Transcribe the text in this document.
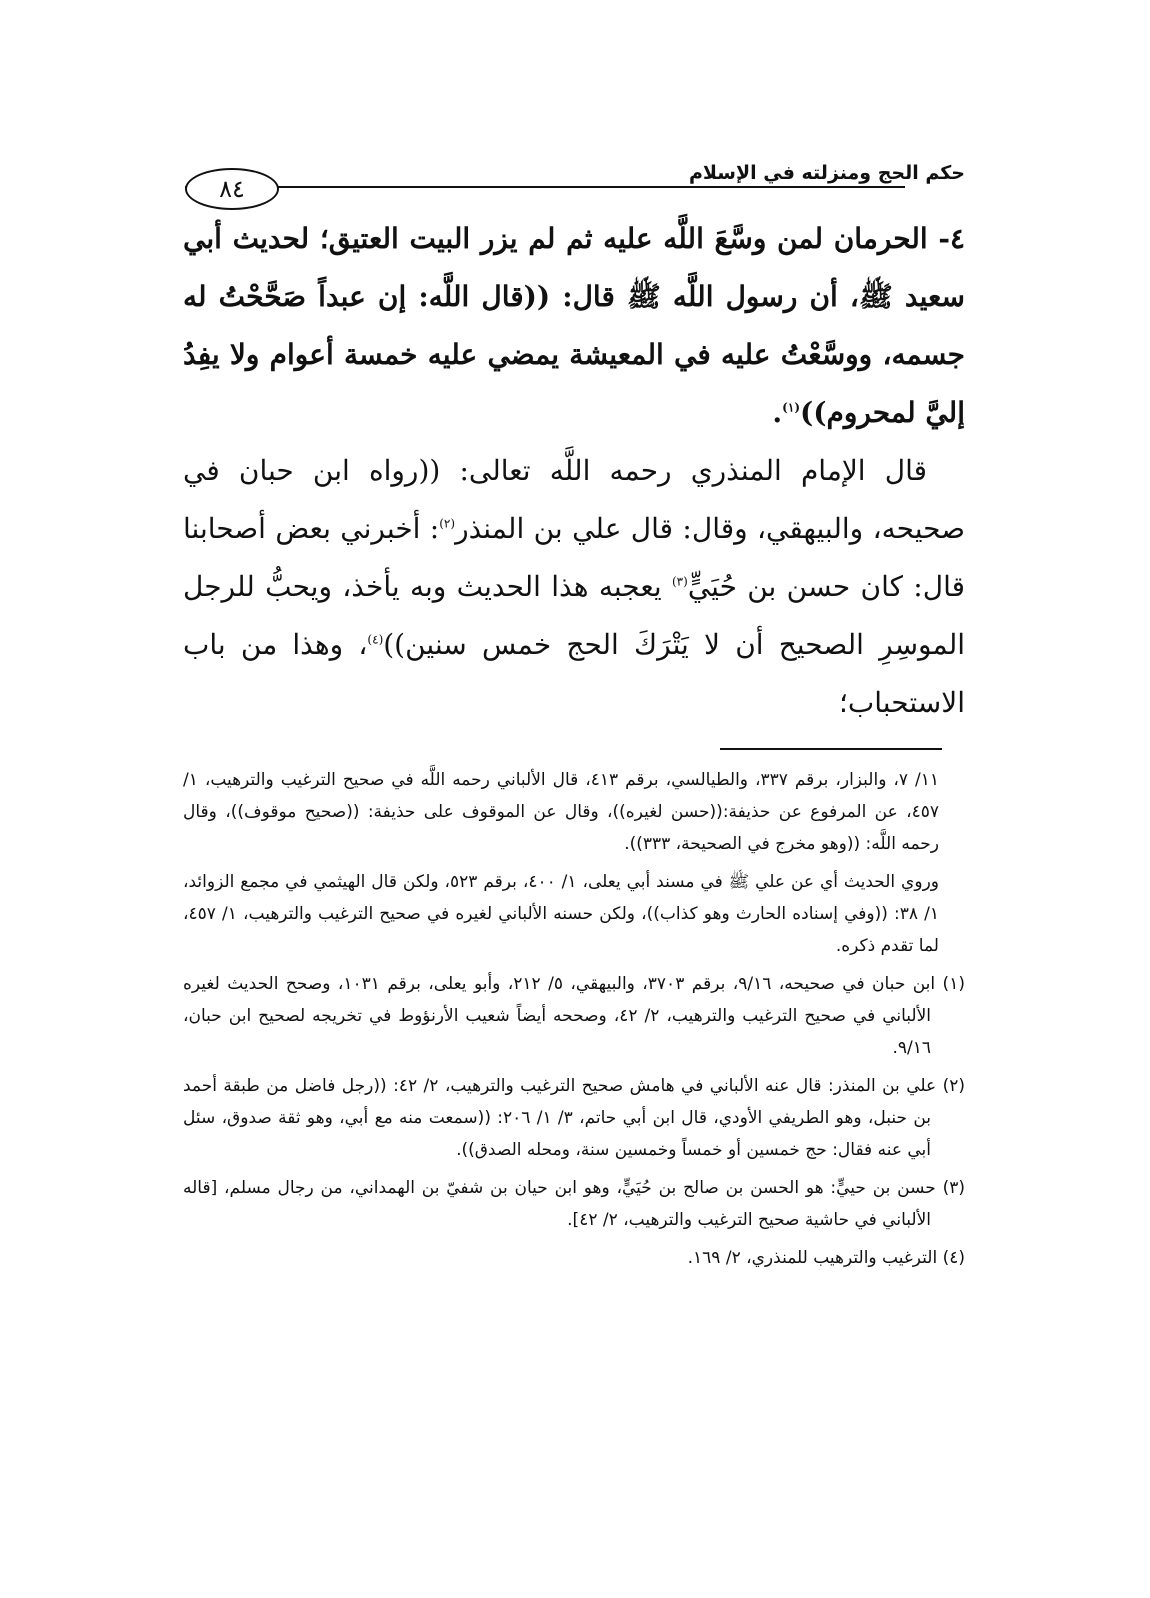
حكم الحج ومنزلته في الإسلام
٨٤

٤- الحرمان لمن وسَّعَ اللَّه عليه ثم لم يزر البيت العتيق؛ لحديث أبي سعيد ﷺ، أن رسول اللَّه ﷺ قال: ((قال اللَّه: إن عبداً صَحَّحْتُ له جسمه، ووسَّعْتُ عليه في المعيشة يمضي عليه خمسة أعوام ولا يفِدُ إليَّ لمحروم))$^{(١)}$.

قال الإمام المنذري رحمه اللَّه تعالى: ((رواه ابن حبان في صحيحه، والبيهقي، وقال: قال علي بن المنذر$^{(٢)}$: أخبرني بعض أصحابنا قال: كان حسن بن حُيَيٍّ$^{(٣)}$ يعجبه هذا الحديث وبه يأخذ، ويحبُّ للرجل الموسِرِ الصحيح أن لا يَتْرَكَ الحج خمس سنين))$^{(٤)}$، وهذا من باب الاستحباب؛

١١/ ٧، والبزار، برقم ٣٣٧، والطيالسي، برقم ٤١٣، قال الألباني رحمه اللَّه في صحيح الترغيب والترهيب، ١/ ٤٥٧، عن المرفوع عن حذيفة:((حسن لغيره))، وقال عن الموقوف على حذيفة: ((صحيح موقوف))، وقال رحمه اللَّه: ((وهو مخرج في الصحيحة، ٣٣٣)).

وروي الحديث أي عن علي ﷺ في مسند أبي يعلى، ١/ ٤٠٠، برقم ٥٢٣، ولكن قال الهيثمي في مجمع الزوائد، ١/ ٣٨: ((وفي إسناده الحارث وهو كذاب))، ولكن حسنه الألباني لغيره في صحيح الترغيب والترهيب، ١/ ٤٥٧، لما تقدم ذكره.

(١) ابن حبان في صحيحه، ٩/١٦، برقم ٣٧٠٣، والبيهقي، ٥/ ٢١٢، وأبو يعلى، برقم ١٠٣١، وصحح الحديث لغيره الألباني في صحيح الترغيب والترهيب، ٢/ ٤٢، وصححه أيضاً شعيب الأرنؤوط في تخريجه لصحيح ابن حبان، ٩/١٦.

(٢) علي بن المنذر: قال عنه الألباني في هامش صحيح الترغيب والترهيب، ٢/ ٤٢: ((رجل فاضل من طبقة أحمد بن حنبل، وهو الطريفي الأودي، قال ابن أبي حاتم، ٣/ ١/ ٢٠٦: ((سمعت منه مع أبي، وهو ثقة صدوق، سئل أبي عنه فقال: حج خمسين أو خمساً وخمسين سنة، ومحله الصدق)).

(٣) حسن بن حييٍّ: هو الحسن بن صالح بن حُيَيٍّ، وهو ابن حيان بن شفيّ بن الهمداني، من رجال مسلم، [قاله الألباني في حاشية صحيح الترغيب والترهيب، ٢/ ٤٢].

(٤) الترغيب والترهيب للمنذري، ٢/ ١٦٩.
